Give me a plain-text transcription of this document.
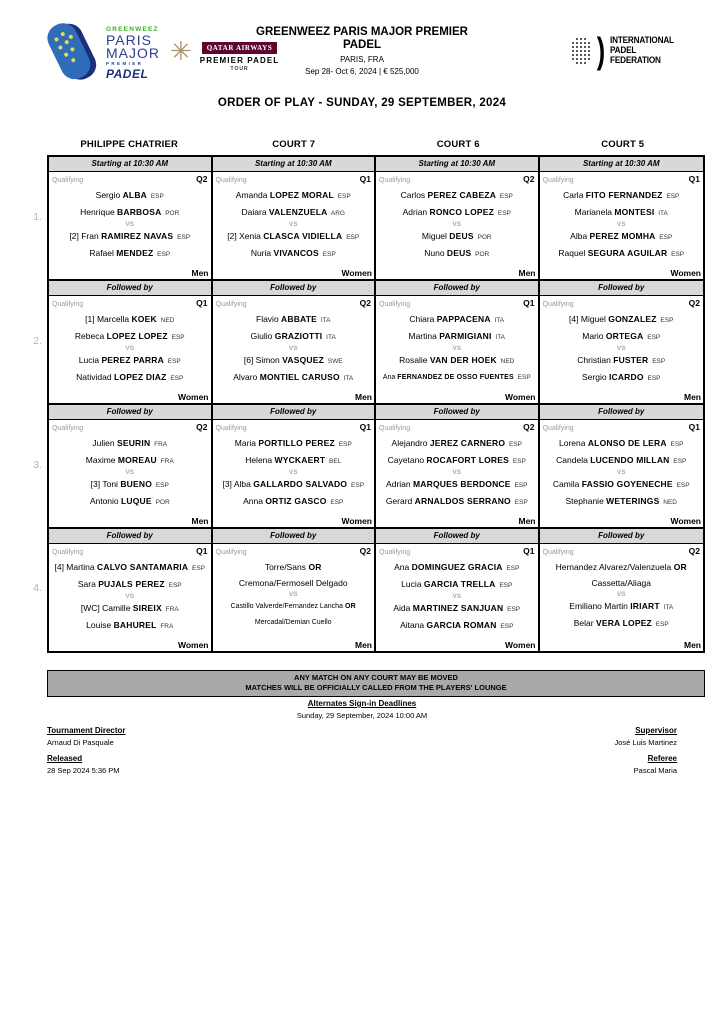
GREENWEEZ
PARIS
MAJOR
PREMIER
PADEL
✳	QATAR AIRWAYS
PREMIER PADEL
TOUR
GREENWEEZ PARIS MAJOR PREMIER
PADEL
PARIS, FRA
Sep 28- Oct 6, 2024 | € 525,000
) INTERNATIONAL
PADEL
FEDERATION
ORDER OF PLAY - SUNDAY, 29 SEPTEMBER, 2024
PHILIPPE CHATRIER	COURT 7	COURT 6	COURT 5
Starting at 10:30 AM
Qualifying	Q2
Sergio ALBA ESP
Henrique BARBOSA POR
VS
[2] Fran RAMIREZ NAVAS ESP
Rafael MENDEZ ESP
Men
Starting at 10:30 AM
Qualifying	Q1
Amanda LOPEZ MORAL ESP
Daiara VALENZUELA ARG
VS
[2] Xenia CLASCA VIDIELLA ESP
Nuria VIVANCOS ESP
Women
Starting at 10:30 AM
Qualifying	Q2
Carlos PEREZ CABEZA ESP
Adrian RONCO LOPEZ ESP
VS
Miguel DEUS POR
Nuno DEUS POR
Men
Starting at 10:30 AM
Qualifying	Q1
Carla FITO FERNANDEZ ESP
Marianela MONTESI ITA
VS
Alba PEREZ MOMHA ESP
Raquel SEGURA AGUILAR ESP
Women
Followed by
Qualifying	Q1
[1] Marcella KOEK NED
Rebeca LOPEZ LOPEZ ESP
VS
Lucia PEREZ PARRA ESP
Natividad LOPEZ DIAZ ESP
Women
Followed by
Qualifying	Q2
Flavio ABBATE ITA
Giulio GRAZIOTTI ITA
VS
[6] Simon VASQUEZ SWE
Alvaro MONTIEL CARUSO ITA
Men
Followed by
Qualifying	Q1
Chiara PAPPACENA ITA
Martina PARMIGIANI ITA
VS
Rosalie VAN DER HOEK NED
Ana FERNANDEZ DE OSSO FUENTES ESP
Women
Followed by
Qualifying	Q2
[4] Miguel GONZALEZ ESP
Mario ORTEGA ESP
VS
Christian FUSTER ESP
Sergio ICARDO ESP
Men
Followed by
Qualifying	Q2
Julien SEURIN FRA
Maxime MOREAU FRA
VS
[3] Toni BUENO ESP
Antonio LUQUE POR
Men
Followed by
Qualifying	Q1
Maria PORTILLO PEREZ ESP
Helena WYCKAERT BEL
VS
[3] Alba GALLARDO SALVADO ESP
Anna ORTIZ GASCO ESP
Women
Followed by
Qualifying	Q2
Alejandro JEREZ CARNERO ESP
Cayetano ROCAFORT LORES ESP
VS
Adrian MARQUES BERDONCE ESP
Gerard ARNALDOS SERRANO ESP
Men
Followed by
Qualifying	Q1
Lorena ALONSO DE LERA ESP
Candela LUCENDO MILLAN ESP
VS
Camila FASSIO GOYENECHE ESP
Stephanie WETERINGS NED
Women
Followed by
Qualifying	Q1
[4] Martina CALVO SANTAMARIA ESP
Sara PUJALS PEREZ ESP
VS
[WC] Camille SIREIX FRA
Louise BAHUREL FRA
Women
Followed by
Qualifying	Q2
Torre/Sans OR
Cremona/Fermosell Delgado
VS
Castillo Valverde/Fernandez Lancha OR
Mercadal/Demian Cuello
Men
Followed by
Qualifying	Q1
Ana DOMINGUEZ GRACIA ESP
Lucia GARCIA TRELLA ESP
VS
Aida MARTINEZ SANJUAN ESP
Aitana GARCIA ROMAN ESP
Women
Followed by
Qualifying	Q2
Hernandez Alvarez/Valenzuela OR
Cassetta/Aliaga
VS
Emiliano Martin IRIART ITA
Belar VERA LOPEZ ESP
Men
ANY MATCH ON ANY COURT MAY BE MOVED
MATCHES WILL BE OFFICIALLY CALLED FROM THE PLAYERS' LOUNGE
Alternates Sign-in Deadlines
Sunday, 29 September, 2024 10:00 AM
Tournament Director
Arnaud Di Pasquale
Released
28 Sep 2024 5:36 PM
Supervisor
José Luis Martinez
Referee
Pascal Maria
1.
2.
3.
4.
